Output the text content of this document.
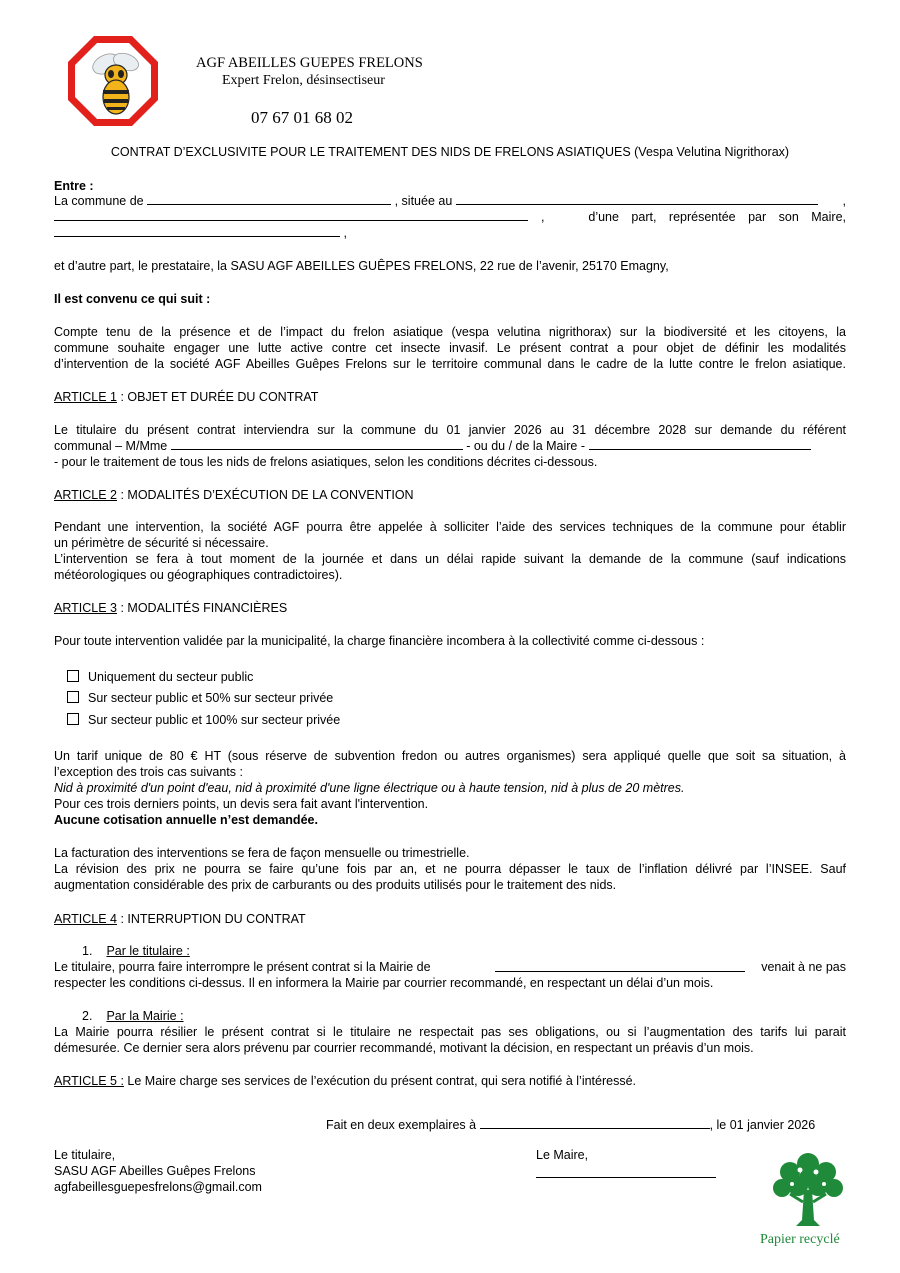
AGF ABEILLES GUEPES FRELONS
Expert Frelon, désinsectiseur
07 67 01 68 02
CONTRAT D’EXCLUSIVITE POUR LE TRAITEMENT DES NIDS DE FRELONS ASIATIQUES (Vespa Velutina Nigrithorax)
Entre :
La commune de	, située au	,
,	d’une part, représentée par son Maire,
,
et d’autre part, le prestataire, la SASU AGF ABEILLES GUÊPES FRELONS, 22 rue de l’avenir, 25170 Emagny,
Il est convenu ce qui suit :
Compte tenu de la présence et de l’impact du frelon asiatique (vespa velutina nigrithorax) sur la biodiversité et les citoyens, la
commune souhaite engager une lutte active contre cet insecte invasif. Le présent contrat a pour objet de définir les modalités
d’intervention de la société AGF Abeilles Guêpes Frelons sur le territoire communal dans le cadre de la lutte contre le frelon asiatique.
ARTICLE 1 : OBJET ET DURÉE DU CONTRAT
Le titulaire du présent contrat interviendra sur la commune du 01 janvier 2026 au 31 décembre 2028 sur demande du référent
communal – M/Mme	- ou du / de la Maire -
- pour le traitement de tous les nids de frelons asiatiques, selon les conditions décrites ci-dessous.
ARTICLE 2 : MODALITÉS D’EXÉCUTION DE LA CONVENTION
Pendant une intervention, la société AGF pourra être appelée à solliciter l’aide des services techniques de la commune pour établir
un périmètre de sécurité si nécessaire.
L’intervention se fera à tout moment de la journée et dans un délai rapide suivant la demande de la commune (sauf indications
météorologiques ou géographiques contradictoires).
ARTICLE 3 : MODALITÉS FINANCIÈRES
Pour toute intervention validée par la municipalité, la charge financière incombera à la collectivité comme ci-dessous :
Uniquement du secteur public
Sur secteur public et 50% sur secteur privée
Sur secteur public et 100% sur secteur privée
Un tarif unique de 80 € HT (sous réserve de subvention fredon ou autres organismes) sera appliqué quelle que soit sa situation, à
l’exception des trois cas suivants :
Nid à proximité d'un point d'eau, nid à proximité d'une ligne électrique ou à haute tension, nid à plus de 20 mètres.
Pour ces trois derniers points, un devis sera fait avant l'intervention.
Aucune cotisation annuelle n’est demandée.
La facturation des interventions se fera de façon mensuelle ou trimestrielle.
La révision des prix ne pourra se faire qu’une fois par an, et ne pourra dépasser le taux de l’inflation délivré par l’INSEE. Sauf
augmentation considérable des prix de carburants ou des produits utilisés pour le traitement des nids.
ARTICLE 4 : INTERRUPTION DU CONTRAT
1. Par le titulaire :
Le titulaire, pourra faire interrompre le présent contrat si la Mairie de	venait à ne pas
respecter les conditions ci-dessus. Il en informera la Mairie par courrier recommandé, en respectant un délai d’un mois.
2. Par la Mairie :
La Mairie pourra résilier le présent contrat si le titulaire ne respectait pas ses obligations, ou si l’augmentation des tarifs lui parait
démesurée. Ce dernier sera alors prévenu par courrier recommandé, motivant la décision, en respectant un préavis d’un mois.
ARTICLE 5 : Le Maire charge ses services de l’exécution du présent contrat, qui sera notifié à l’intéressé.
Fait en deux exemplaires à	, le 01 janvier 2026
Le titulaire,
SASU AGF Abeilles Guêpes Frelons
agfabeillesguepesfrelons@gmail.com
Le Maire,
Papier recyclé
